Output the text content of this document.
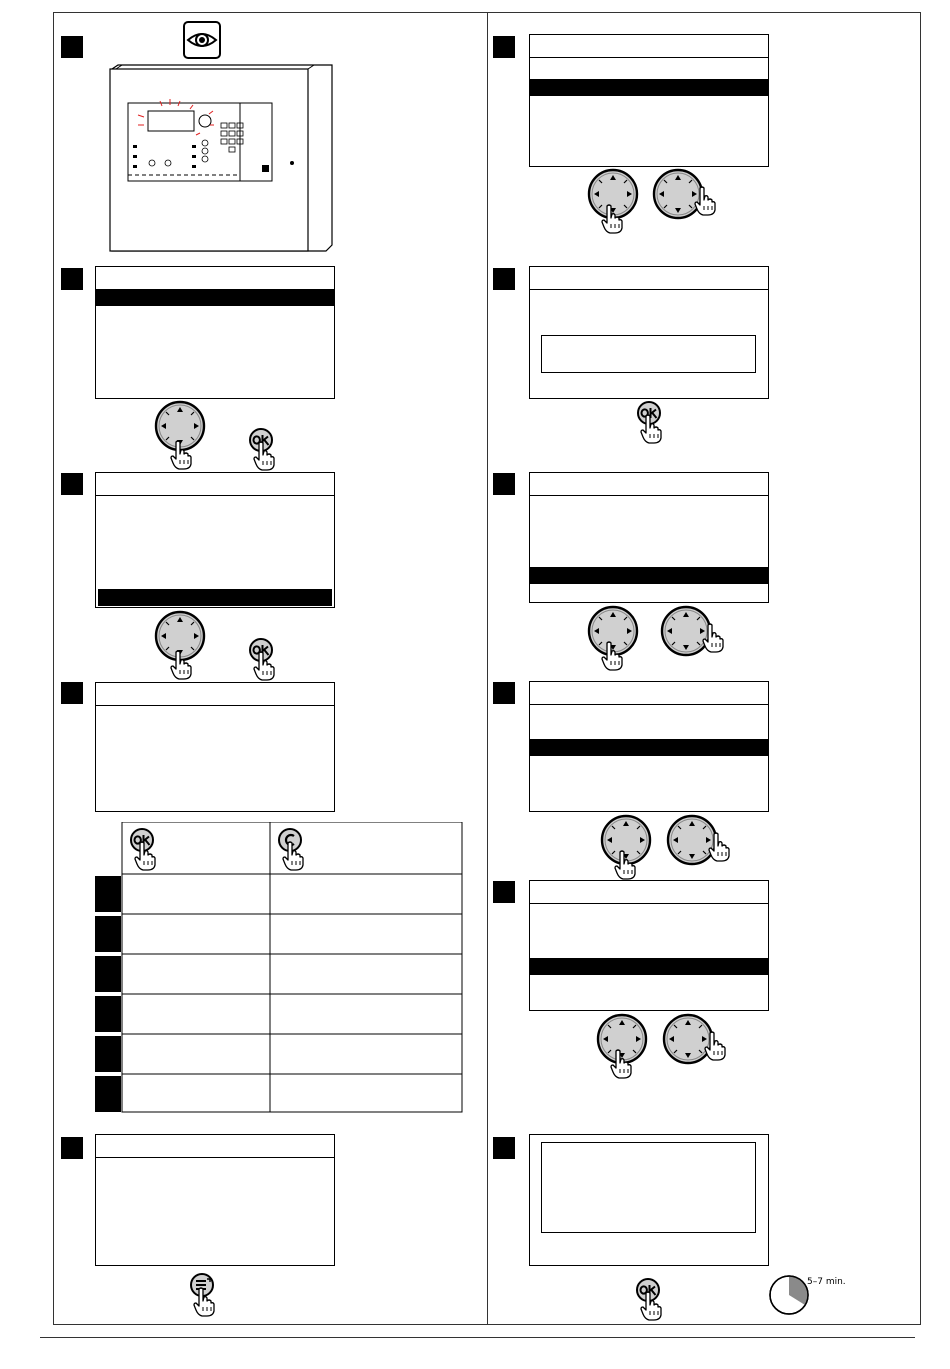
5–7 min.
